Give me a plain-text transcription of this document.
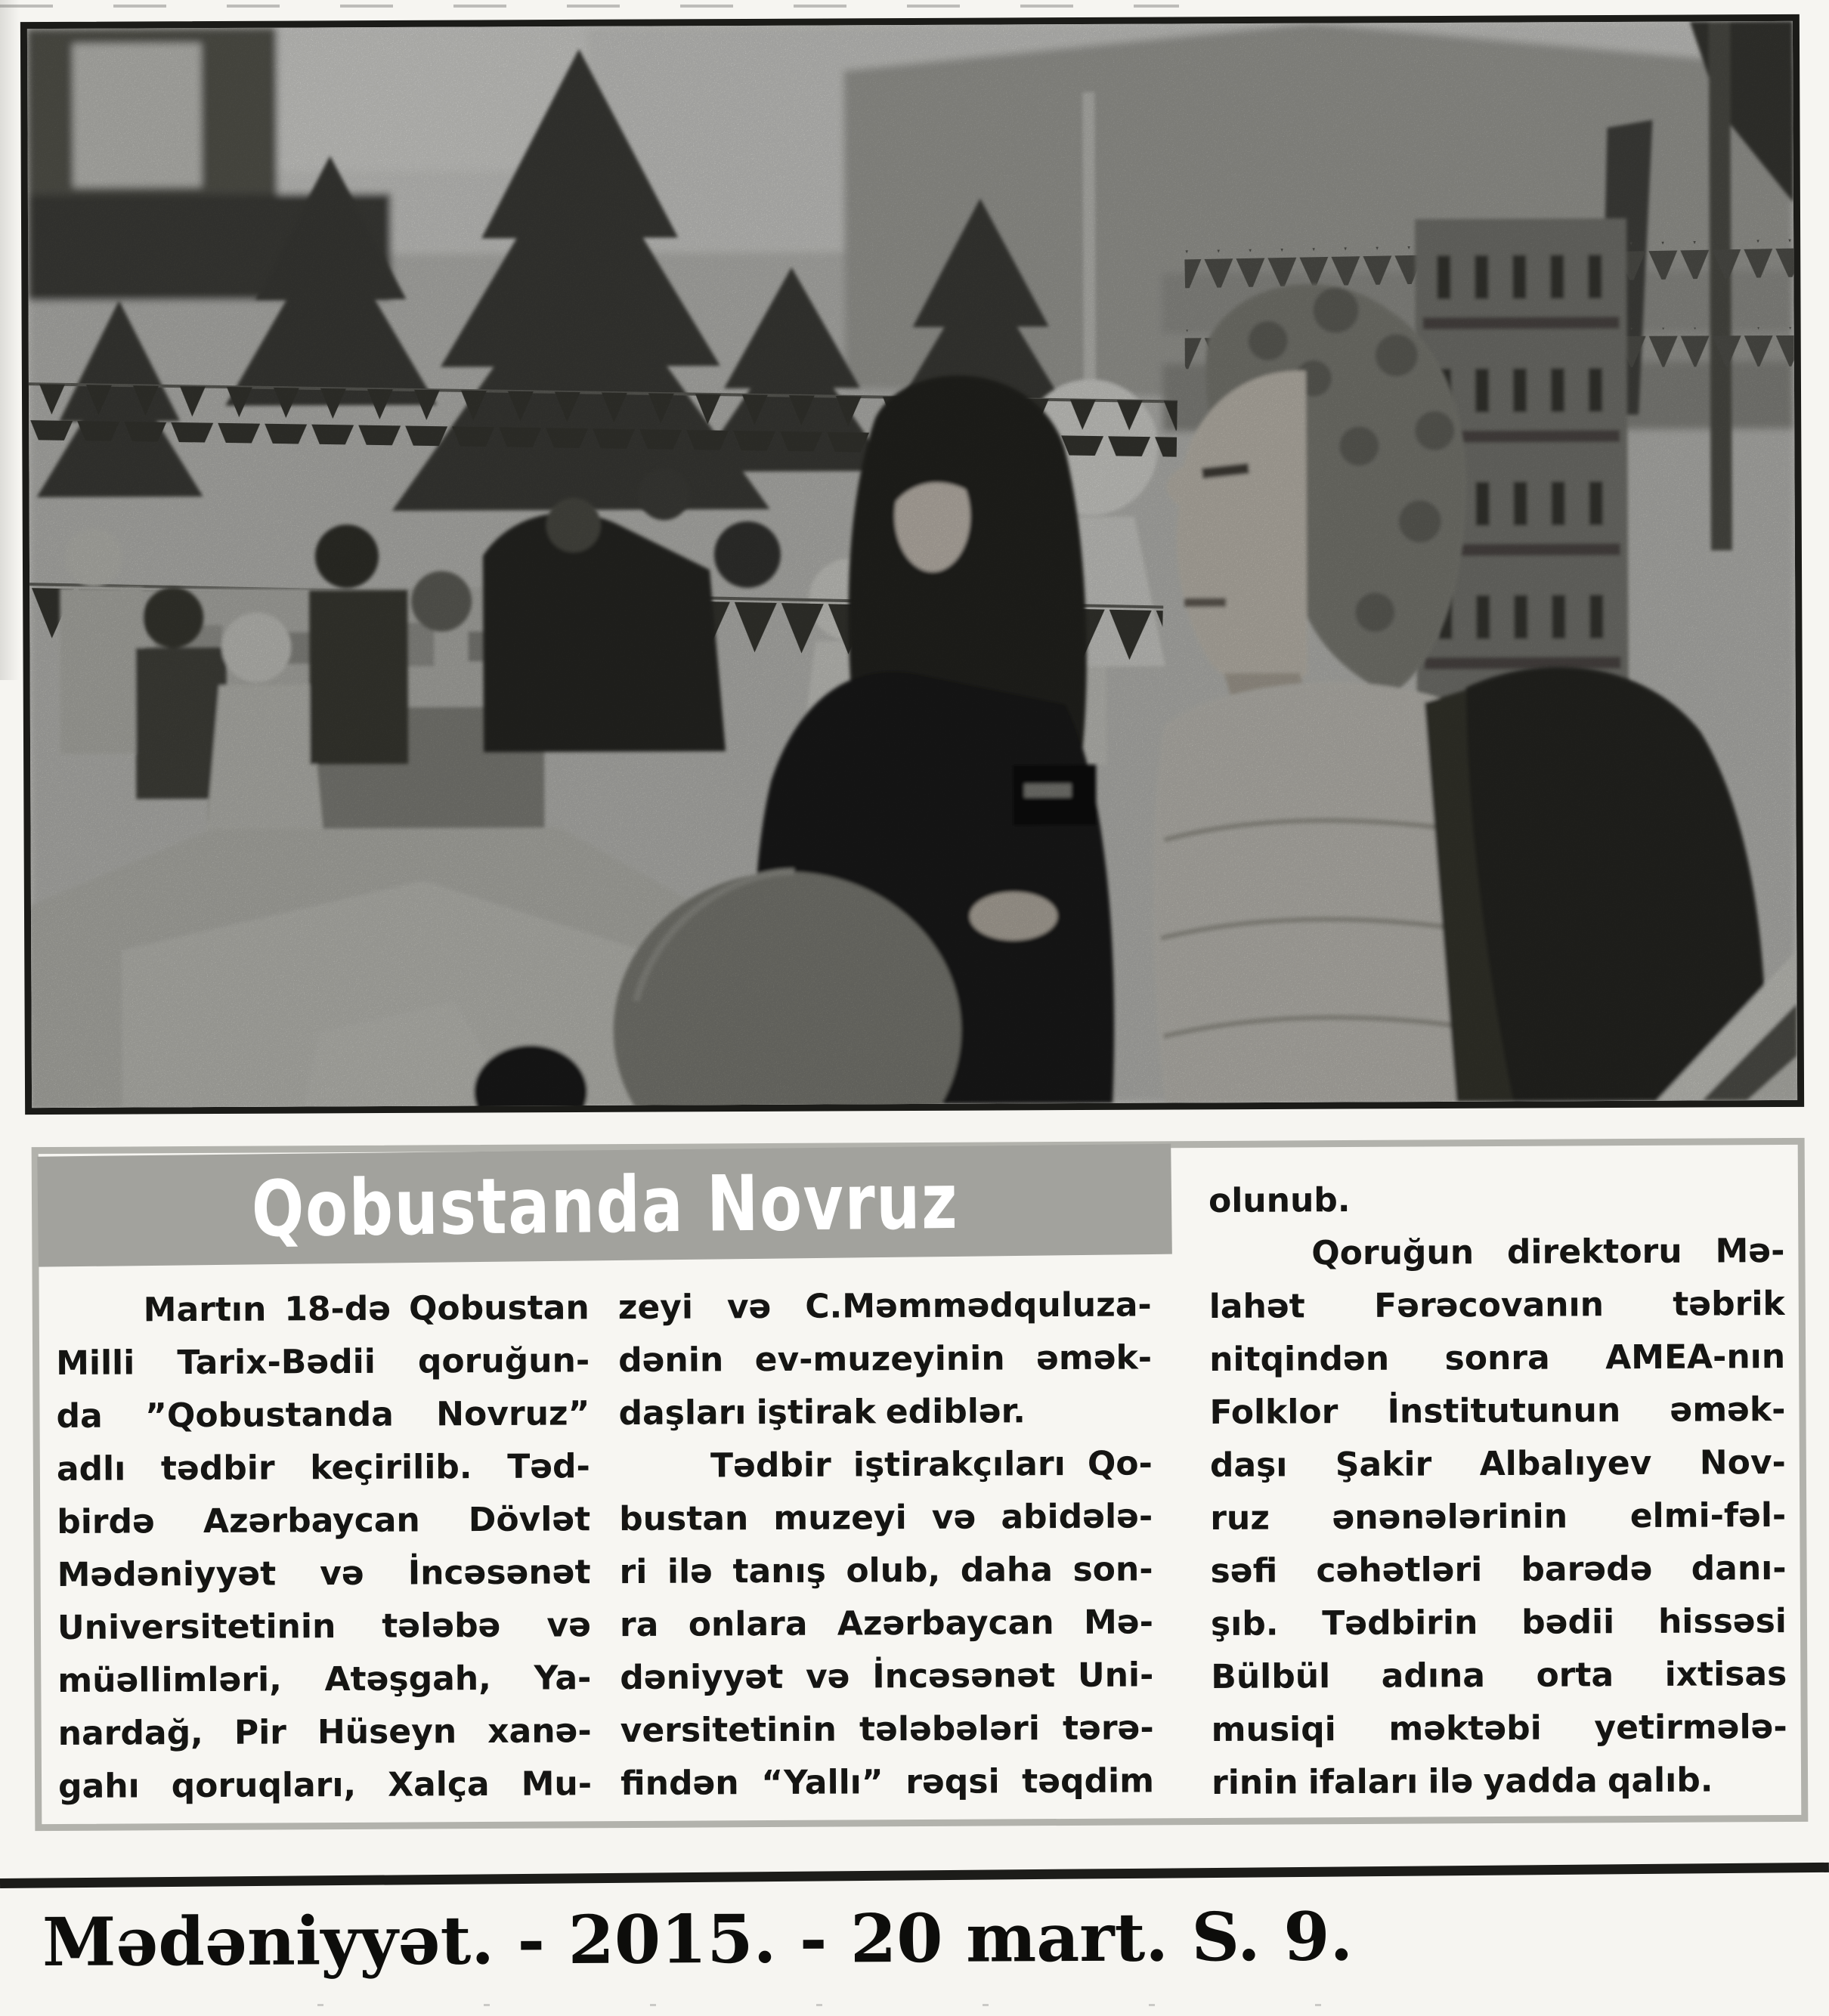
Qobustanda Novruz
Martın 18-də Qobustan
Milli Tarix-Bədii qoruğun-
da ”Qobustanda Novruz”
adlı tədbir keçirilib. Təd-
birdə Azərbaycan Dövlət
Mədəniyyət və İncəsənət
Universitetinin tələbə və
müəllimləri, Atəşgah, Ya-
nardağ, Pir Hüseyn xanə-
gahı qoruqları, Xalça Mu-
zeyi və C.Məmmədquluza-
dənin ev-muzeyinin əmək-
daşları iştirak ediblər.
Tədbir iştirakçıları Qo-
bustan muzeyi və abidələ-
ri ilə tanış olub, daha son-
ra onlara Azərbaycan Mə-
dəniyyət və İncəsənət Uni-
versitetinin tələbələri tərə-
findən “Yallı” rəqsi təqdim
olunub.
Qoruğun direktoru Mə-
lahət Fərəcovanın təbrik
nitqindən sonra AMEA-nın
Folklor İnstitutunun əmək-
daşı Şakir Albalıyev Nov-
ruz ənənələrinin elmi-fəl-
səfi cəhətləri barədə danı-
şıb. Tədbirin bədii hissəsi
Bülbül adına orta ixtisas
musiqi məktəbi yetirmələ-
rinin ifaları ilə yadda qalıb.
Mədəniyyət. - 2015. - 20 mart. S. 9.
